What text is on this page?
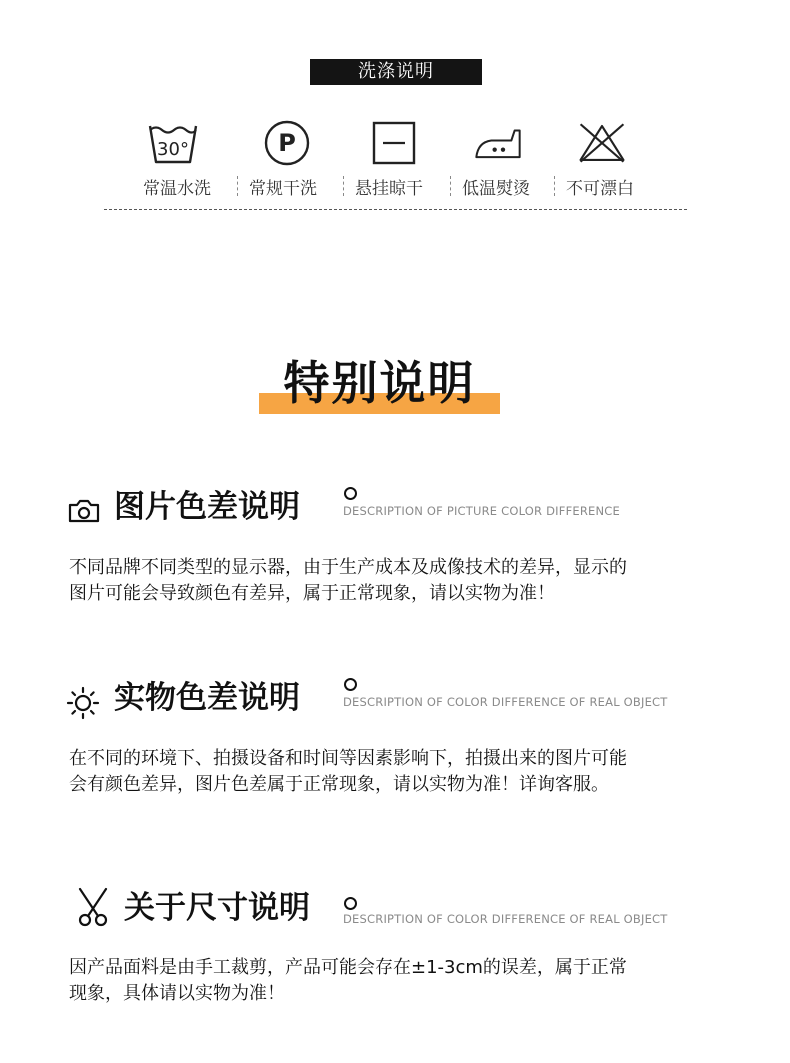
洗涤说明
30°	P
常温水洗 常规干洗 悬挂晾干 低温熨烫 不可漂白
特别说明
图片色差说明	DESCRIPTION OF PICTURE COLOR DIFFERENCE
不同品牌不同类型的显示器，由于生产成本及成像技术的差异，显示的
图片可能会导致颜色有差异，属于正常现象，请以实物为准！
实物色差说明	DESCRIPTION OF COLOR DIFFERENCE OF REAL OBJECT
在不同的环境下、拍摄设备和时间等因素影响下，拍摄出来的图片可能
会有颜色差异，图片色差属于正常现象，请以实物为准！详询客服。
关于尺寸说明	DESCRIPTION OF COLOR DIFFERENCE OF REAL OBJECT
因产品面料是由手工裁剪，产品可能会存在±1-3cm的误差，属于正常
现象，具体请以实物为准！
